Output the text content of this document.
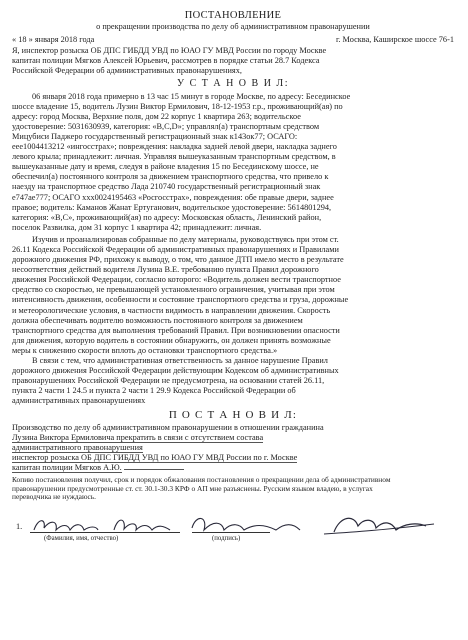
ПОСТАНОВЛЕНИЕ
о прекращении производства по делу об административном правонарушении
« 18 » января 2018 года	г. Москва, Каширское шоссе 76-1
Я, инспектор розыска ОБ ДПС ГИБДД УВД по ЮАО ГУ МВД России по городу Москве
капитан полиции Мягков Алексей Юрьевич, рассмотрев в порядке статьи 28.7 Кодекса
Российской Федерации об административных правонарушениях,
У С Т А Н О В И Л:
06 января 2018 года примерно в 13 час 15 минут в городе Москве, по адресу: Бесединское
шоссе владение 15, водитель Лузин Виктор Ермилович, 18-12-1953 г.р., проживающий(ая) по
адресу: город Москва, Верхние поля, дом 22 корпус 1 квартира 263; водительское
удостоверение: 5031630939, категория: «B,C,D»; управлял(а) транспортным средством
Мицубиси Паджеро государственный регистрационный знак к143ок77; ОСАГО:
еее1004413212 «ингосстрах»; повреждения: накладка задней левой двери, накладка заднего
левого крыла; принадлежит: личная. Управляя вышеуказанным транспортным средством, в
вышеуказанные дату и время, следуя в районе владения 15 по Бесединскому шоссе, не
обеспечил(а) постоянного контроля за движением транспортного средства, что привело к
наезду на транспортное средство Лада 210740 государственный регистрационный знак
е747ае777; ОСАГО ххх0024195463 «Росгосстрах», повреждения: обе правые двери, заднее
правое; водитель: Каманов Жанат Ертуганович, водительское удостоверение: 5614801294,
категория: «B,C», проживающий(ая) по адресу: Московская область, Ленинский район,
поселок Развилка, дом 31 корпус 1 квартира 42; принадлежит: личная.
Изучив и проанализировав собранные по делу материалы, руководствуясь при этом ст.
26.11 Кодекса Российской Федерации об административных правонарушениях и Правилами
дорожного движения РФ, прихожу к выводу, о том, что данное ДТП имело место в результате
несоответствия действий водителя Лузина В.Е. требованию пункта Правил дорожного
движения Российской Федерации, согласно которого: «Водитель должен вести транспортное
средство со скоростью, не превышающей установленного ограничения, учитывая при этом
интенсивность движения, особенности и состояние транспортного средства и груза, дорожные
и метеорологические условия, в частности видимость в направлении движения. Скорость
должна обеспечивать водителю возможность постоянного контроля за движением
транспортного средства для выполнения требований Правил. При возникновении опасности
для движения, которую водитель в состоянии обнаружить, он должен принять возможные
меры к снижению скорости вплоть до остановки транспортного средства.»
В связи с тем, что административная ответственность за данное нарушение Правил
дорожного движения Российской Федерации действующим Кодексом об административных
правонарушениях Российской Федерации не предусмотрена, на основании статей 26.11,
пункта 2 части 1 24.5 и пункта 2 части 1 29.9 Кодекса Российской Федерации об
административных правонарушениях
П О С Т А Н О В И Л:
Производство по делу об административном правонарушении в отношении гражданина
Лузина Виктора Ермиловича прекратить в связи с отсутствием состава
административного правонарушения
инспектор розыска ОБ ДПС ГИБДД УВД по ЮАО ГУ МВД России по г. Москве
капитан полиции Мягков А.Ю.
Копию постановления получил, срок и порядок обжалования постановления о прекращении дела об административном
правонарушении предусмотренные ст. ст. 30.1-30.3 КРФ о АП мне разъяснены. Русским языком владею, в услугах
переводчика не нуждаюсь.
1.
(Фамилия, имя, отчество)	(подпись)
